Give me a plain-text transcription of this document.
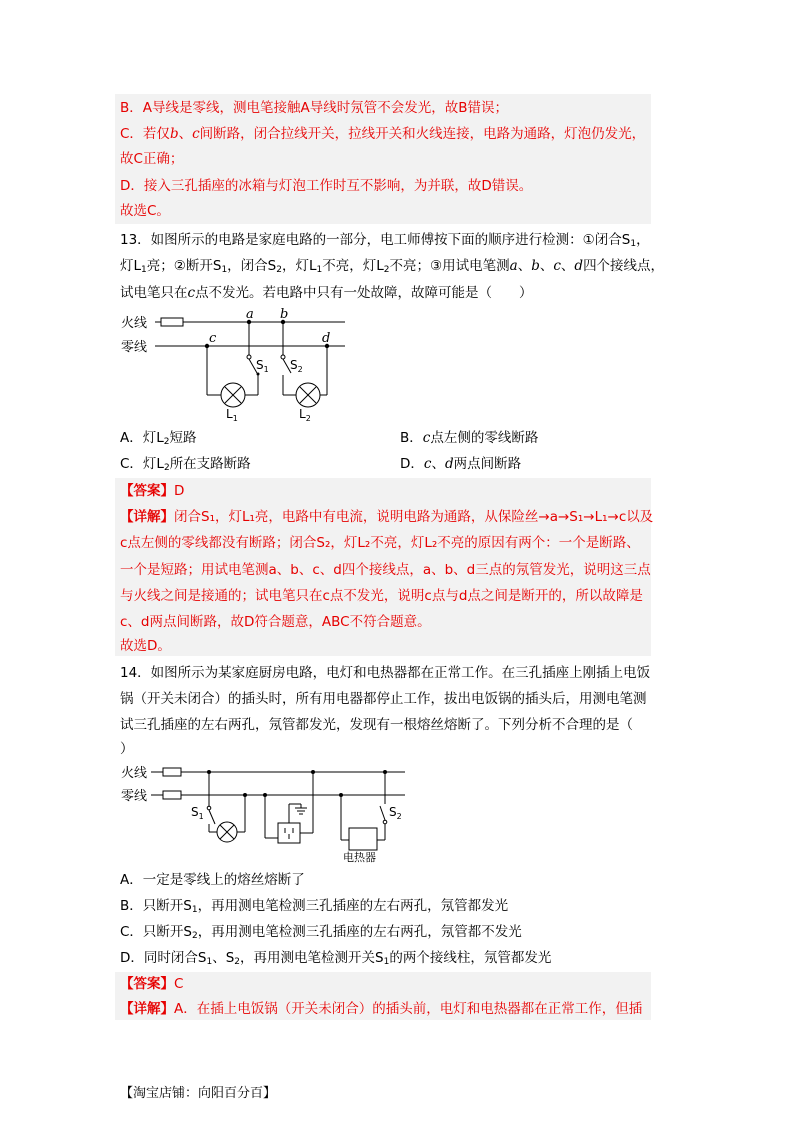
B．A导线是零线，测电笔接触A导线时氖管不会发光，故B错误；
C．若仅b、c间断路，闭合拉线开关，拉线开关和火线连接，电路为通路，灯泡仍发光，
故C正确；
D．接入三孔插座的冰箱与灯泡工作时互不影响，为并联，故D错误。
故选C。
13．如图所示的电路是家庭电路的一部分，电工师傅按下面的顺序进行检测：①闭合$S_1$，
灯$L_1$亮；②断开$S_1$，闭合$S_2$，灯$L_1$不亮，灯$L_2$不亮；③用试电笔测a、b、c、d四个接线点，
试电笔只在c点不发光。若电路中只有一处故障，故障可能是（　　）
火线
零线
a b
c	d
$S_1$ $S_2$
$L_1$	$L_2$
A．灯$L_2$短路	B．c点左侧的零线断路
C．灯$L_2$所在支路断路	D．c、d两点间断路
【答案】D
【详解】闭合S₁，灯L₁亮，电路中有电流，说明电路为通路，从保险丝→a→S₁→L₁→c以及
c点左侧的零线都没有断路；闭合S₂，灯L₂不亮，灯L₂不亮的原因有两个：一个是断路、
一个是短路；用试电笔测a、b、c、d四个接线点，a、b、d三点的氖管发光，说明这三点
与火线之间是接通的；试电笔只在c点不发光，说明c点与d点之间是断开的，所以故障是
c、d两点间断路，故D符合题意，ABC不符合题意。
故选D。
14．如图所示为某家庭厨房电路，电灯和电热器都在正常工作。在三孔插座上刚插上电饭
锅（开关未闭合）的插头时，所有用电器都停止工作，拔出电饭锅的插头后，用测电笔测
试三孔插座的左右两孔，氖管都发光，发现有一根熔丝熔断了。下列分析不合理的是（
）
火线
零线
$S_1$	$S_2$
电热器
A．一定是零线上的熔丝熔断了
B．只断开$S_1$，再用测电笔检测三孔插座的左右两孔，氖管都发光
C．只断开$S_2$，再用测电笔检测三孔插座的左右两孔，氖管都不发光
D．同时闭合$S_1$、$S_2$，再用测电笔检测开关$S_1$的两个接线柱，氖管都发光
【答案】C
【详解】A．在插上电饭锅（开关未闭合）的插头前，电灯和电热器都在正常工作，但插
【淘宝店铺：向阳百分百】
